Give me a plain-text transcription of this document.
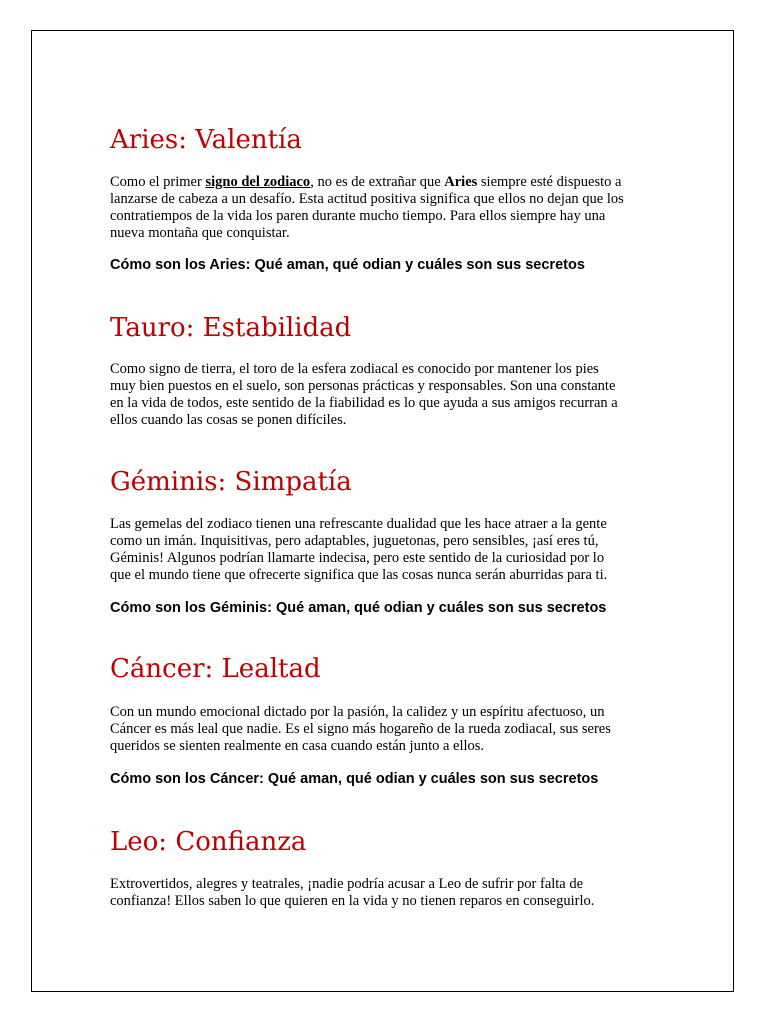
Aries: Valentía

Como el primer signo del zodiaco, no es de extrañar que Aries siempre esté dispuesto a
lanzarse de cabeza a un desafío. Esta actitud positiva significa que ellos no dejan que los
contratiempos de la vida los paren durante mucho tiempo. Para ellos siempre hay una
nueva montaña que conquistar.

Cómo son los Aries: Qué aman, qué odian y cuáles son sus secretos
Tauro: Estabilidad

Como signo de tierra, el toro de la esfera zodiacal es conocido por mantener los pies
muy bien puestos en el suelo, son personas prácticas y responsables. Son una constante
en la vida de todos, este sentido de la fiabilidad es lo que ayuda a sus amigos recurran a
ellos cuando las cosas se ponen difíciles.

Géminis: Simpatía

Las gemelas del zodiaco tienen una refrescante dualidad que les hace atraer a la gente
como un imán. Inquisitivas, pero adaptables, juguetonas, pero sensibles, ¡así eres tú,
Géminis! Algunos podrían llamarte indecisa, pero este sentido de la curiosidad por lo
que el mundo tiene que ofrecerte significa que las cosas nunca serán aburridas para ti.

Cómo son los Géminis: Qué aman, qué odian y cuáles son sus secretos
Cáncer: Lealtad

Con un mundo emocional dictado por la pasión, la calidez y un espíritu afectuoso, un
Cáncer es más leal que nadie. Es el signo más hogareño de la rueda zodiacal, sus seres
queridos se sienten realmente en casa cuando están junto a ellos.

Cómo son los Cáncer: Qué aman, qué odian y cuáles son sus secretos
Leo: Confianza

Extrovertidos, alegres y teatrales, ¡nadie podría acusar a Leo de sufrir por falta de
confianza! Ellos saben lo que quieren en la vida y no tienen reparos en conseguirlo.
